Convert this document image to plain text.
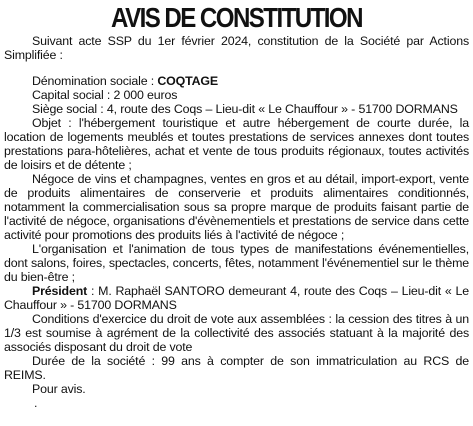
AVIS DE CONSTITUTION

Suivant acte SSP du 1er février 2024, constitution de la Société par Actions Simplifiée :

Dénomination sociale : COQTAGE

Capital social : 2 000 euros

Siège social : 4, route des Coqs – Lieu-dit « Le Chauffour » - 51700 DORMANS

Objet : l'hébergement touristique et autre hébergement de courte durée, la location de logements meublés et toutes prestations de services annexes dont toutes prestations para-hôtelières, achat et vente de tous produits régionaux, toutes activités de loisirs et de détente ;

Négoce de vins et champagnes, ventes en gros et au détail, import-export, vente de produits alimentaires de conserverie et produits alimentaires conditionnés, notamment la commercialisation sous sa propre marque de produits faisant partie de l'activité de négoce, organisations d'évènementiels et prestations de service dans cette activité pour promotions des produits liés à l'activité de négoce ;

L'organisation et l'animation de tous types de manifestations événementielles, dont salons, foires, spectacles, concerts, fêtes, notamment l'événementiel sur le thème du bien-être ;

Président : M. Raphaël SANTORO demeurant 4, route des Coqs – Lieu-dit « Le Chauffour » - 51700 DORMANS

Conditions d'exercice du droit de vote aux assemblées : la cession des titres à un 1/3 est soumise à agrément de la collectivité des associés statuant à la majorité des associés disposant du droit de vote

Durée de la société : 99 ans à compter de son immatriculation au RCS de REIMS.

Pour avis.

.
